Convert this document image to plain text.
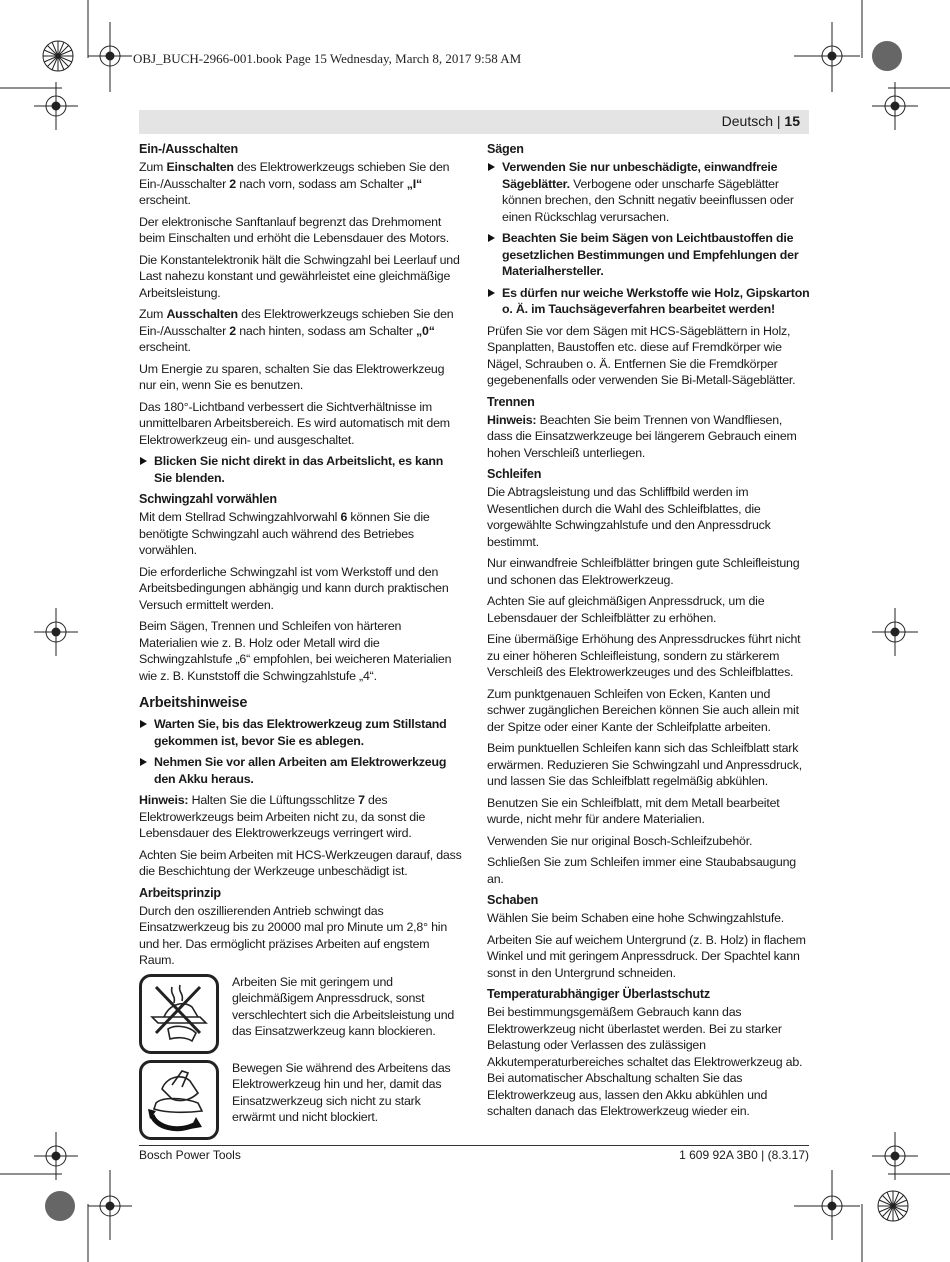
OBJ_BUCH-2966-001.book Page 15 Wednesday, March 8, 2017 9:58 AM
Deutsch | 15
Ein-/Ausschalten

Zum Einschalten des Elektrowerkzeugs schieben Sie den Ein-/Ausschalter 2 nach vorn, sodass am Schalter „I“ erscheint.

Der elektronische Sanftanlauf begrenzt das Drehmoment beim Einschalten und erhöht die Lebensdauer des Motors.

Die Konstantelektronik hält die Schwingzahl bei Leerlauf und Last nahezu konstant und gewährleistet eine gleichmäßige Arbeitsleistung.

Zum Ausschalten des Elektrowerkzeugs schieben Sie den Ein-/Ausschalter 2 nach hinten, sodass am Schalter „0“ erscheint.

Um Energie zu sparen, schalten Sie das Elektrowerkzeug nur ein, wenn Sie es benutzen.

Das 180°-Lichtband verbessert die Sichtverhältnisse im unmittelbaren Arbeitsbereich. Es wird automatisch mit dem Elektrowerkzeug ein- und ausgeschaltet.

Blicken Sie nicht direkt in das Arbeitslicht, es kann Sie blenden.
Schwingzahl vorwählen

Mit dem Stellrad Schwingzahlvorwahl 6 können Sie die benötigte Schwingzahl auch während des Betriebes vorwählen.

Die erforderliche Schwingzahl ist vom Werkstoff und den Arbeitsbedingungen abhängig und kann durch praktischen Versuch ermittelt werden.

Beim Sägen, Trennen und Schleifen von härteren Materialien wie z. B. Holz oder Metall wird die Schwingzahlstufe „6“ empfohlen, bei weicheren Materialien wie z. B. Kunststoff die Schwingzahlstufe „4“.

Arbeitshinweise
Warten Sie, bis das Elektrowerkzeug zum Stillstand gekommen ist, bevor Sie es ablegen.
Nehmen Sie vor allen Arbeiten am Elektrowerkzeug den Akku heraus.

Hinweis: Halten Sie die Lüftungsschlitze 7 des Elektrowerkzeugs beim Arbeiten nicht zu, da sonst die Lebensdauer des Elektrowerkzeugs verringert wird.

Achten Sie beim Arbeiten mit HCS-Werkzeugen darauf, dass die Beschichtung der Werkzeuge unbeschädigt ist.

Arbeitsprinzip

Durch den oszillierenden Antrieb schwingt das Einsatzwerkzeug bis zu 20000 mal pro Minute um 2,8° hin und her. Das ermöglicht präzises Arbeiten auf engstem Raum.

Arbeiten Sie mit geringem und gleichmäßigem Anpressdruck, sonst verschlechtert sich die Arbeitsleistung und das Einsatzwerkzeug kann blockieren.

Bewegen Sie während des Arbeitens das Elektrowerkzeug hin und her, damit das Einsatzwerkzeug sich nicht zu stark erwärmt und nicht blockiert.

Sägen
Verwenden Sie nur unbeschädigte, einwandfreie Sägeblätter. Verbogene oder unscharfe Sägeblätter können brechen, den Schnitt negativ beeinflussen oder einen Rückschlag verursachen.
Beachten Sie beim Sägen von Leichtbaustoffen die gesetzlichen Bestimmungen und Empfehlungen der Materialhersteller.
Es dürfen nur weiche Werkstoffe wie Holz, Gipskarton o. Ä. im Tauchsägeverfahren bearbeitet werden!

Prüfen Sie vor dem Sägen mit HCS-Sägeblättern in Holz, Spanplatten, Baustoffen etc. diese auf Fremdkörper wie Nägel, Schrauben o. Ä. Entfernen Sie die Fremdkörper gegebenenfalls oder verwenden Sie Bi-Metall-Sägeblätter.

Trennen

Hinweis: Beachten Sie beim Trennen von Wandfliesen, dass die Einsatzwerkzeuge bei längerem Gebrauch einem hohen Verschleiß unterliegen.

Schleifen

Die Abtragsleistung und das Schliffbild werden im Wesentlichen durch die Wahl des Schleifblattes, die vorgewählte Schwingzahlstufe und den Anpressdruck bestimmt.

Nur einwandfreie Schleifblätter bringen gute Schleifleistung und schonen das Elektrowerkzeug.

Achten Sie auf gleichmäßigen Anpressdruck, um die Lebensdauer der Schleifblätter zu erhöhen.

Eine übermäßige Erhöhung des Anpressdruckes führt nicht zu einer höheren Schleifleistung, sondern zu stärkerem Verschleiß des Elektrowerkzeuges und des Schleifblattes.

Zum punktgenauen Schleifen von Ecken, Kanten und schwer zugänglichen Bereichen können Sie auch allein mit der Spitze oder einer Kante der Schleifplatte arbeiten.

Beim punktuellen Schleifen kann sich das Schleifblatt stark erwärmen. Reduzieren Sie Schwingzahl und Anpressdruck, und lassen Sie das Schleifblatt regelmäßig abkühlen.

Benutzen Sie ein Schleifblatt, mit dem Metall bearbeitet wurde, nicht mehr für andere Materialien.

Verwenden Sie nur original Bosch-Schleifzubehör.

Schließen Sie zum Schleifen immer eine Staubabsaugung an.

Schaben

Wählen Sie beim Schaben eine hohe Schwingzahlstufe.

Arbeiten Sie auf weichem Untergrund (z. B. Holz) in flachem Winkel und mit geringem Anpressdruck. Der Spachtel kann sonst in den Untergrund schneiden.

Temperaturabhängiger Überlastschutz

Bei bestimmungsgemäßem Gebrauch kann das Elektrowerkzeug nicht überlastet werden. Bei zu starker Belastung oder Verlassen des zulässigen Akkutemperaturbereiches schaltet das Elektrowerkzeug ab. Bei automatischer Abschaltung schalten Sie das Elektrowerkzeug aus, lassen den Akku abkühlen und schalten danach das Elektrowerkzeug wieder ein.

Bosch Power Tools	1 609 92A 3B0 | (8.3.17)
